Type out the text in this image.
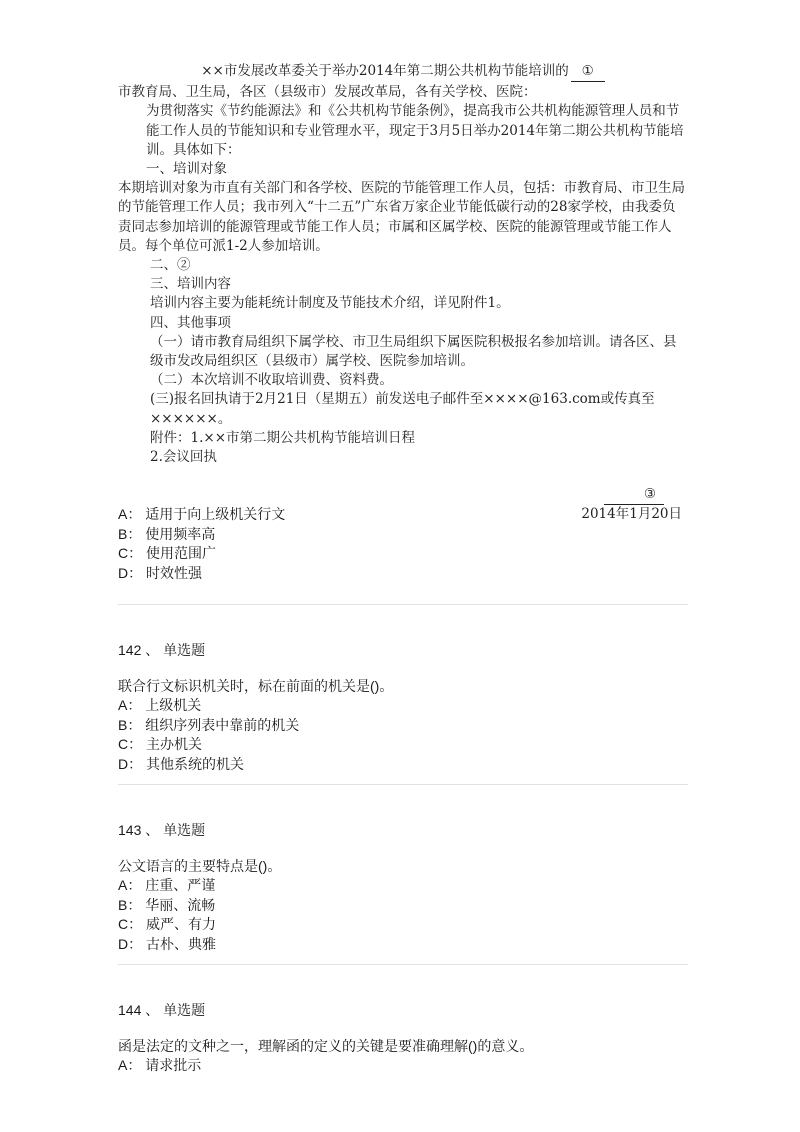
××市发展改革委关于举办2014年第二期公共机构节能培训的 ①

市教育局、卫生局，各区（县级市）发展改革局，各有关学校、医院：

为贯彻落实《节约能源法》和《公共机构节能条例》，提高我市公共机构能源管理人员和节能工作人员的节能知识和专业管理水平，现定于3月5日举办2014年第二期公共机构节能培训。具体如下：

一、培训对象

本期培训对象为市直有关部门和各学校、医院的节能管理工作人员，包括：市教育局、市卫生局的节能管理工作人员；我市列入“十二五”广东省万家企业节能低碳行动的28家学校，由我委负责同志参加培训的能源管理或节能工作人员；市属和区属学校、医院的能源管理或节能工作人员。每个单位可派1-2人参加培训。

二、②

三、培训内容

培训内容主要为能耗统计制度及节能技术介绍，详见附件1。

四、其他事项

（一）请市教育局组织下属学校、市卫生局组织下属医院积极报名参加培训。请各区、县级市发改局组织区（县级市）属学校、医院参加培训。

（二）本次培训不收取培训费、资料费。

(三)报名回执请于2月21日（星期五）前发送电子邮件至××××@163.com或传真至××××××。

附件：1.××市第二期公共机构节能培训日程

2.会议回执

③

2014年1月20日

A： 适用于向上级机关行文

B： 使用频率高

C： 使用范围广

D： 时效性强

142 、 单选题

联合行文标识机关时，标在前面的机关是()。

A： 上级机关

B： 组织序列表中靠前的机关

C： 主办机关

D： 其他系统的机关

143 、 单选题

公文语言的主要特点是()。

A： 庄重、严谨

B： 华丽、流畅

C： 威严、有力

D： 古朴、典雅

144 、 单选题

函是法定的文种之一，理解函的定义的关键是要准确理解()的意义。

A： 请求批示
